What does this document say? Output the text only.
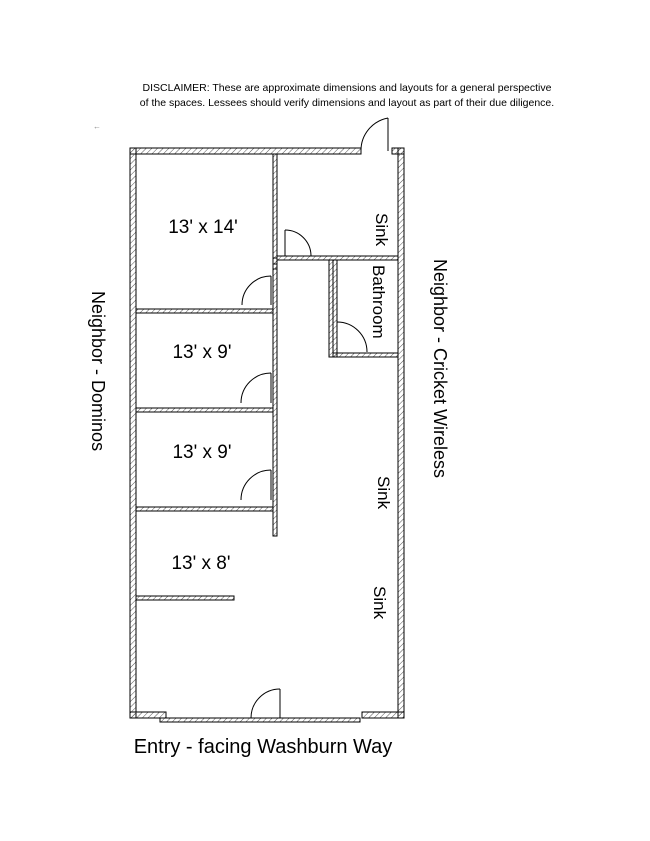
DISCLAIMER: These are approximate dimensions and layouts for a general perspective
of the spaces. Lessees should verify dimensions and layout as part of their due diligence.
←
13' x 14'
13' x 9'
13' x 9'
13' x 8'
Sink
Bathroom
Sink
Sink
Neighbor - Dominos	Neighbor - Cricket Wireless
Entry - facing Washburn Way
